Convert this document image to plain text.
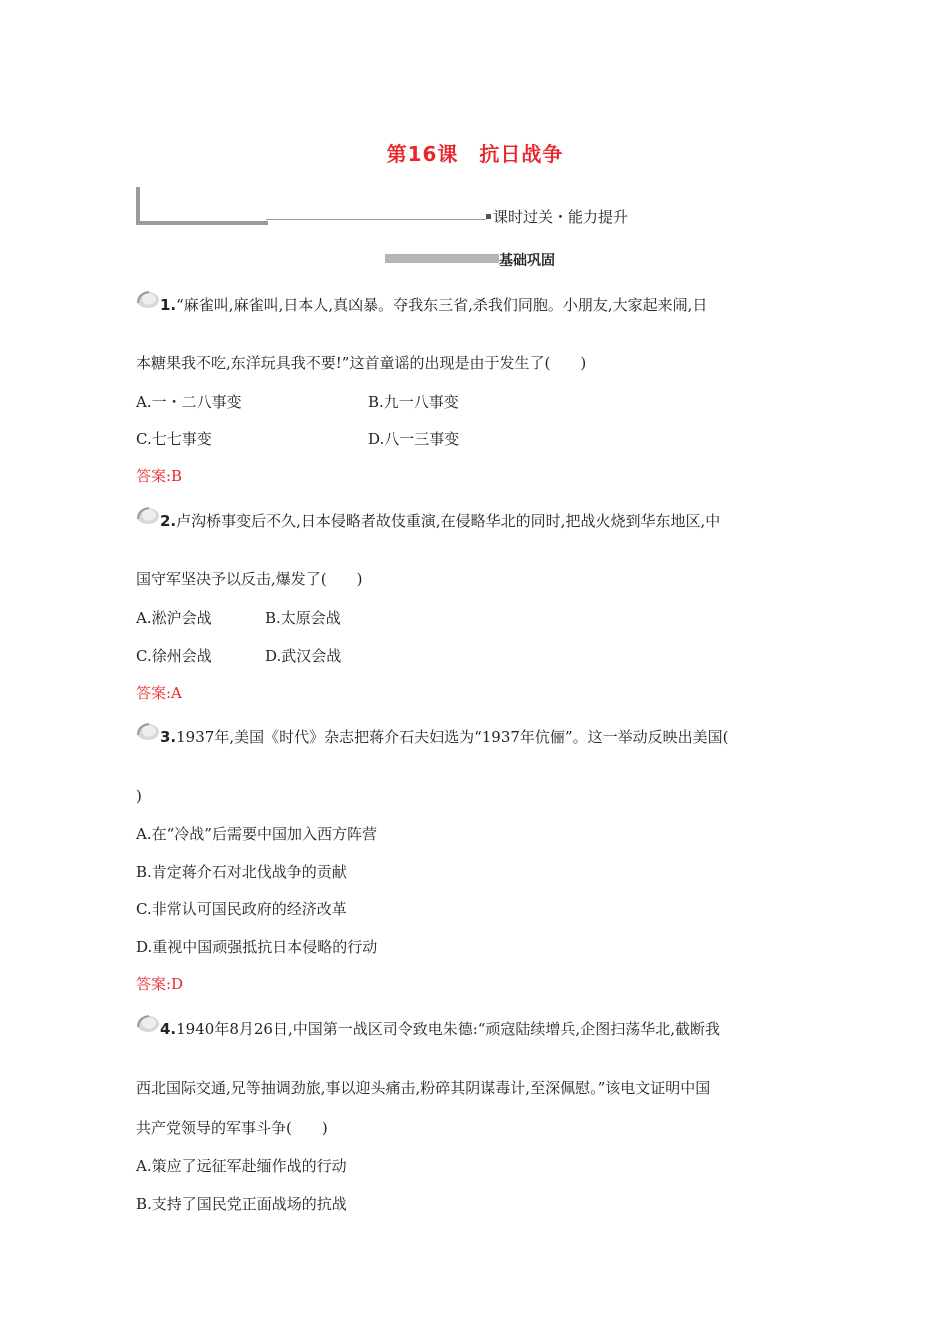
第16课　抗日战争
课时过关・能力提升
基础巩固
1.“麻雀叫,麻雀叫,日本人,真凶暴。夺我东三省,杀我们同胞。小朋友,大家起来闹,日
本糖果我不吃,东洋玩具我不要!”这首童谣的出现是由于发生了(　　)
A.一・二八事变	B.九一八事变
C.七七事变	D.八一三事变
答案:B
2.卢沟桥事变后不久,日本侵略者故伎重演,在侵略华北的同时,把战火烧到华东地区,中
国守军坚决予以反击,爆发了(　　)
A.淞沪会战	B.太原会战
C.徐州会战	D.武汉会战
答案:A
3.1937年,美国《时代》杂志把蒋介石夫妇选为“1937年伉俪”。这一举动反映出美国(
)
A.在“冷战”后需要中国加入西方阵营
B.肯定蒋介石对北伐战争的贡献
C.非常认可国民政府的经济改革
D.重视中国顽强抵抗日本侵略的行动
答案:D
4.1940年8月26日,中国第一战区司令致电朱德:“顽寇陆续增兵,企图扫荡华北,截断我
西北国际交通,兄等抽调劲旅,事以迎头痛击,粉碎其阴谋毒计,至深佩慰。”该电文证明中国
共产党领导的军事斗争(　　)
A.策应了远征军赴缅作战的行动
B.支持了国民党正面战场的抗战
